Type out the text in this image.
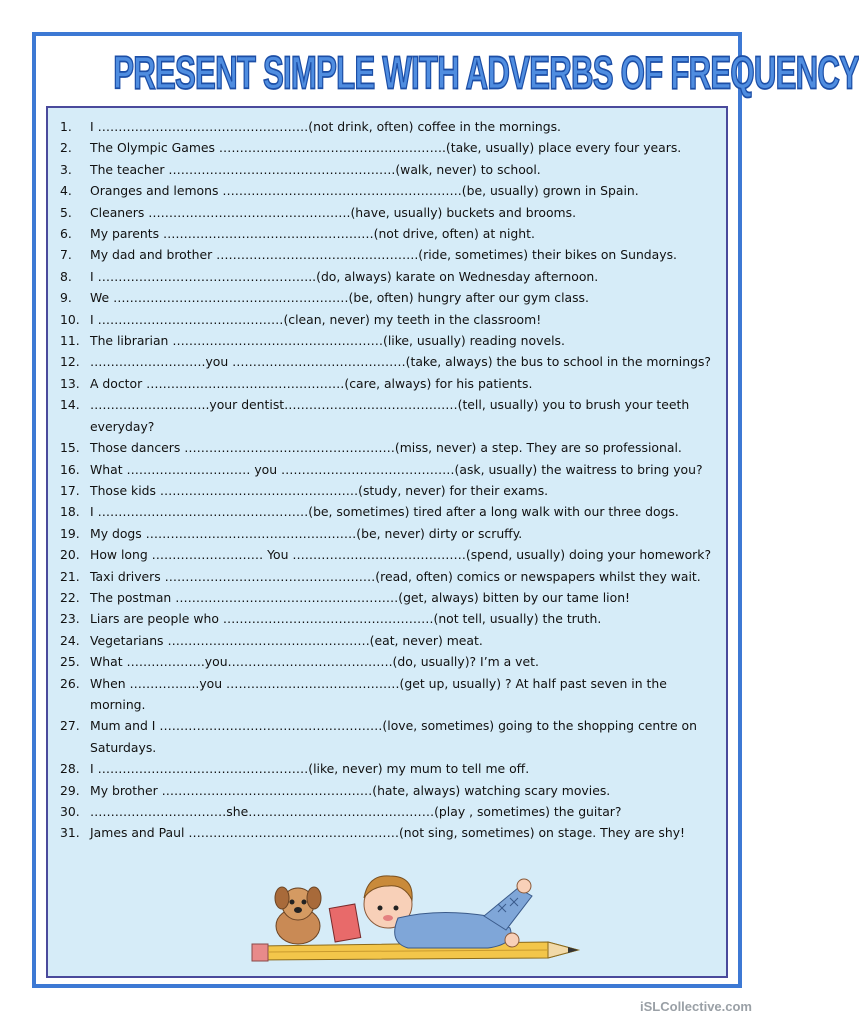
PRESENT SIMPLE WITH ADVERBS OF FREQUENCY
1.	I ……………………………………………(not drink, often) coffee in the mornings.
2.	The Olympic Games ……………………………………………….(take, usually) place every four years.
3.	The teacher ……………………………………………….(walk, never) to school.
4.	Oranges and lemons ………………………………………………….(be, usually) grown in Spain.
5.	Cleaners ………………………………………….(have, usually) buckets and brooms.
6.	My parents ……………………………………………(not drive, often) at night.
7.	My dad and brother ………………………………………….(ride, sometimes) their bikes on Sundays.
8.	I ……………………………………………..(do, always) karate on Wednesday afternoon.
9.	We …………………………………………………(be, often) hungry after our gym class.
10. I ………………………………………(clean, never) my teeth in the classroom!
11. The librarian ……………………………………………(like, usually) reading novels.
12. ……………………….you ……………………………………(take, always) the bus to school in the mornings?
13. A doctor …………………………………………(care, always) for his patients.
14. ………………………..your dentist……………………………………(tell, usually) you to brush your teeth everyday?
15. Those dancers ……………………………………………(miss, never) a step. They are so professional.
16. What ………………………… you ……………………………………(ask, usually) the waitress to bring you?
17. Those kids …………………………………………(study, never) for their exams.
18. I ……………………………………………(be, sometimes) tired after a long walk with our three dogs.
19. My dogs ……………………………………………(be, never) dirty or scruffy.
20. How long ……………………… You ……………………………………(spend, usually) doing your homework?
21. Taxi drivers ……………………………………………(read, often) comics or newspapers whilst they wait.
22. The postman ………………………………………………(get, always) bitten by our tame lion!
23. Liars are people who ……………………………………………(not tell, usually) the truth.
24. Vegetarians ………………………………………….(eat, never) meat.
25. What ……………….you………………………………….(do, usually)? I’m a vet.
26. When ……………..you ……………………………………(get up, usually) ? At half past seven in the morning.
27. Mum and I ………………………………………………(love, sometimes) going to the shopping centre on Saturdays.
28. I ……………………………………………(like, never) my mum to tell me off.
29. My brother ……………………………………………(hate, always) watching scary movies.
30. ……………………………she………………………………………(play , sometimes) the guitar?
31. James and Paul ……………………………………………(not sing, sometimes) on stage. They are shy!
iSLCollective.com
